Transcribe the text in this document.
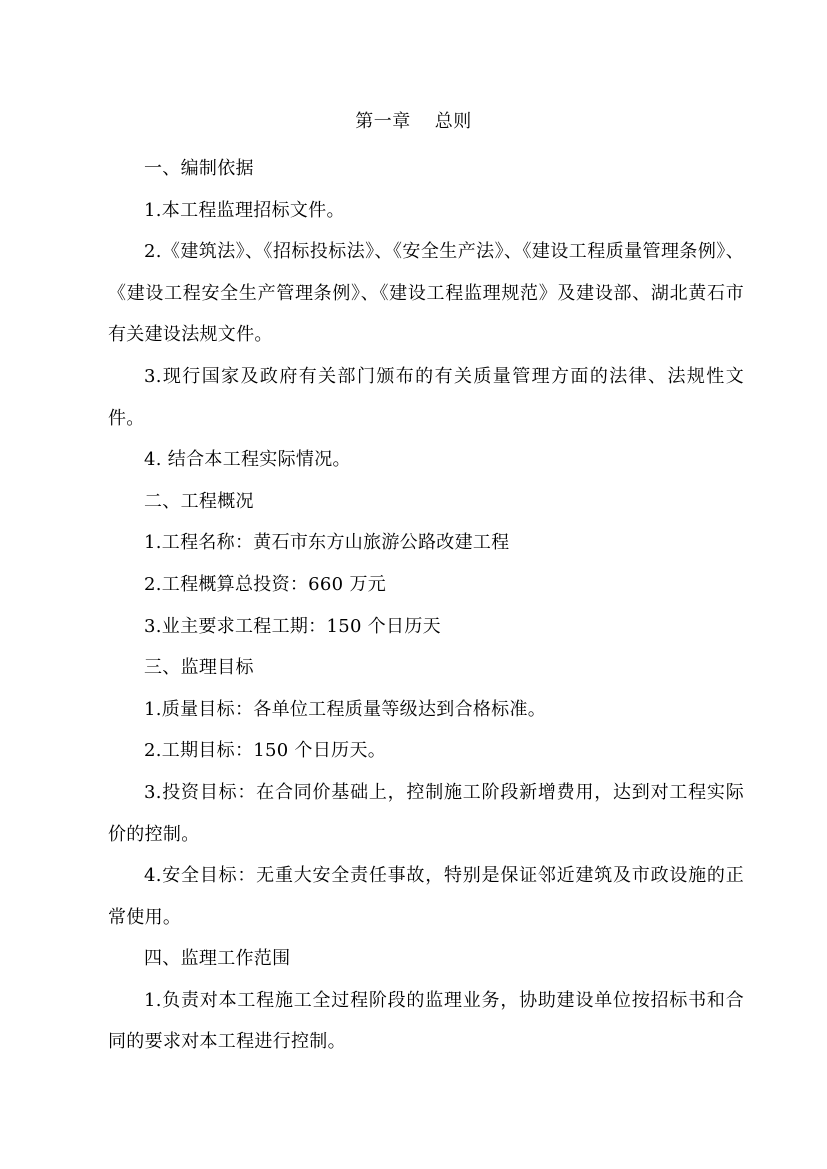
第一章 总则

一、编制依据

1.本工程监理招标文件。

2.《建筑法》、《招标投标法》、《安全生产法》、《建设工程质量管理条例》、《建设工程安全生产管理条例》、《建设工程监理规范》及建设部、湖北黄石市有关建设法规文件。

3.现行国家及政府有关部门颁布的有关质量管理方面的法律、法规性文件。

4. 结合本工程实际情况。

二、工程概况

1.工程名称：黄石市东方山旅游公路改建工程

2.工程概算总投资：660 万元

3.业主要求工程工期：150 个日历天

三、监理目标

1.质量目标：各单位工程质量等级达到合格标准。

2.工期目标：150 个日历天。

3.投资目标：在合同价基础上，控制施工阶段新增费用，达到对工程实际价的控制。

4.安全目标：无重大安全责任事故，特别是保证邻近建筑及市政设施的正常使用。

四、监理工作范围

1.负责对本工程施工全过程阶段的监理业务，协助建设单位按招标书和合同的要求对本工程进行控制。
